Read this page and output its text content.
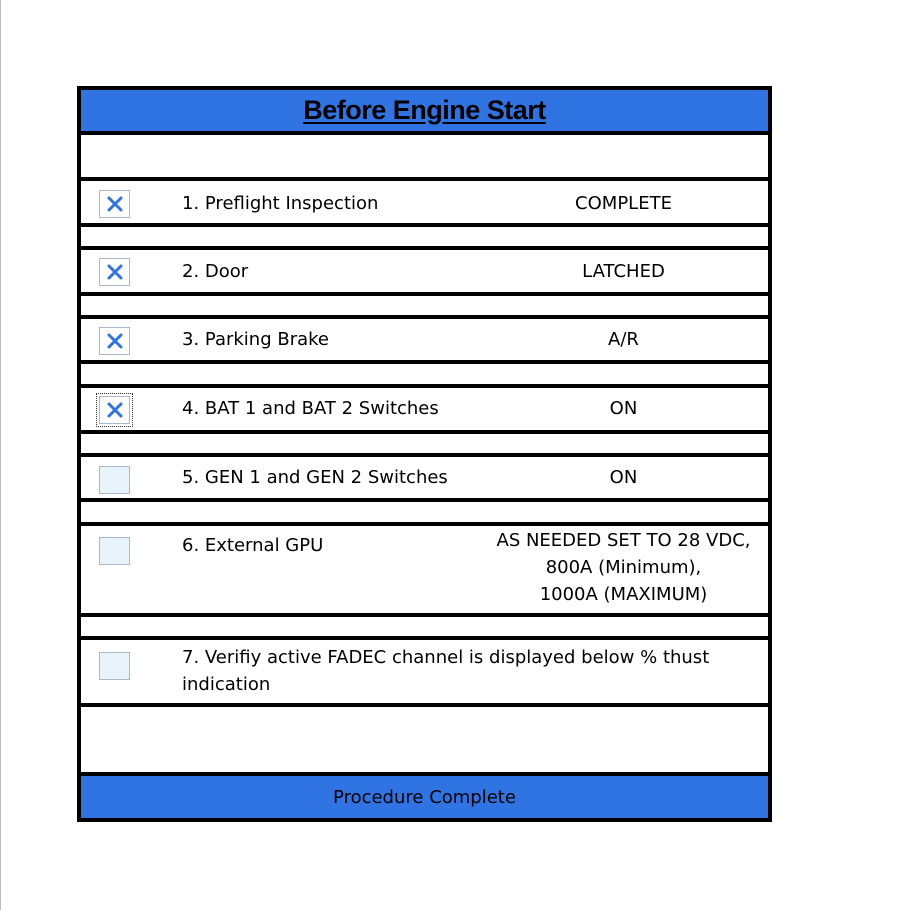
Before Engine Start
1. Preflight Inspection	COMPLETE
2. Door	LATCHED
3. Parking Brake	A/R
4. BAT 1 and BAT 2 Switches	ON
5. GEN 1 and GEN 2 Switches	ON
6. External GPU	AS NEEDED SET TO 28 VDC,
800A (Minimum),
1000A (MAXIMUM)
7. Verifiy active FADEC channel is displayed below % thust indication
Procedure Complete
